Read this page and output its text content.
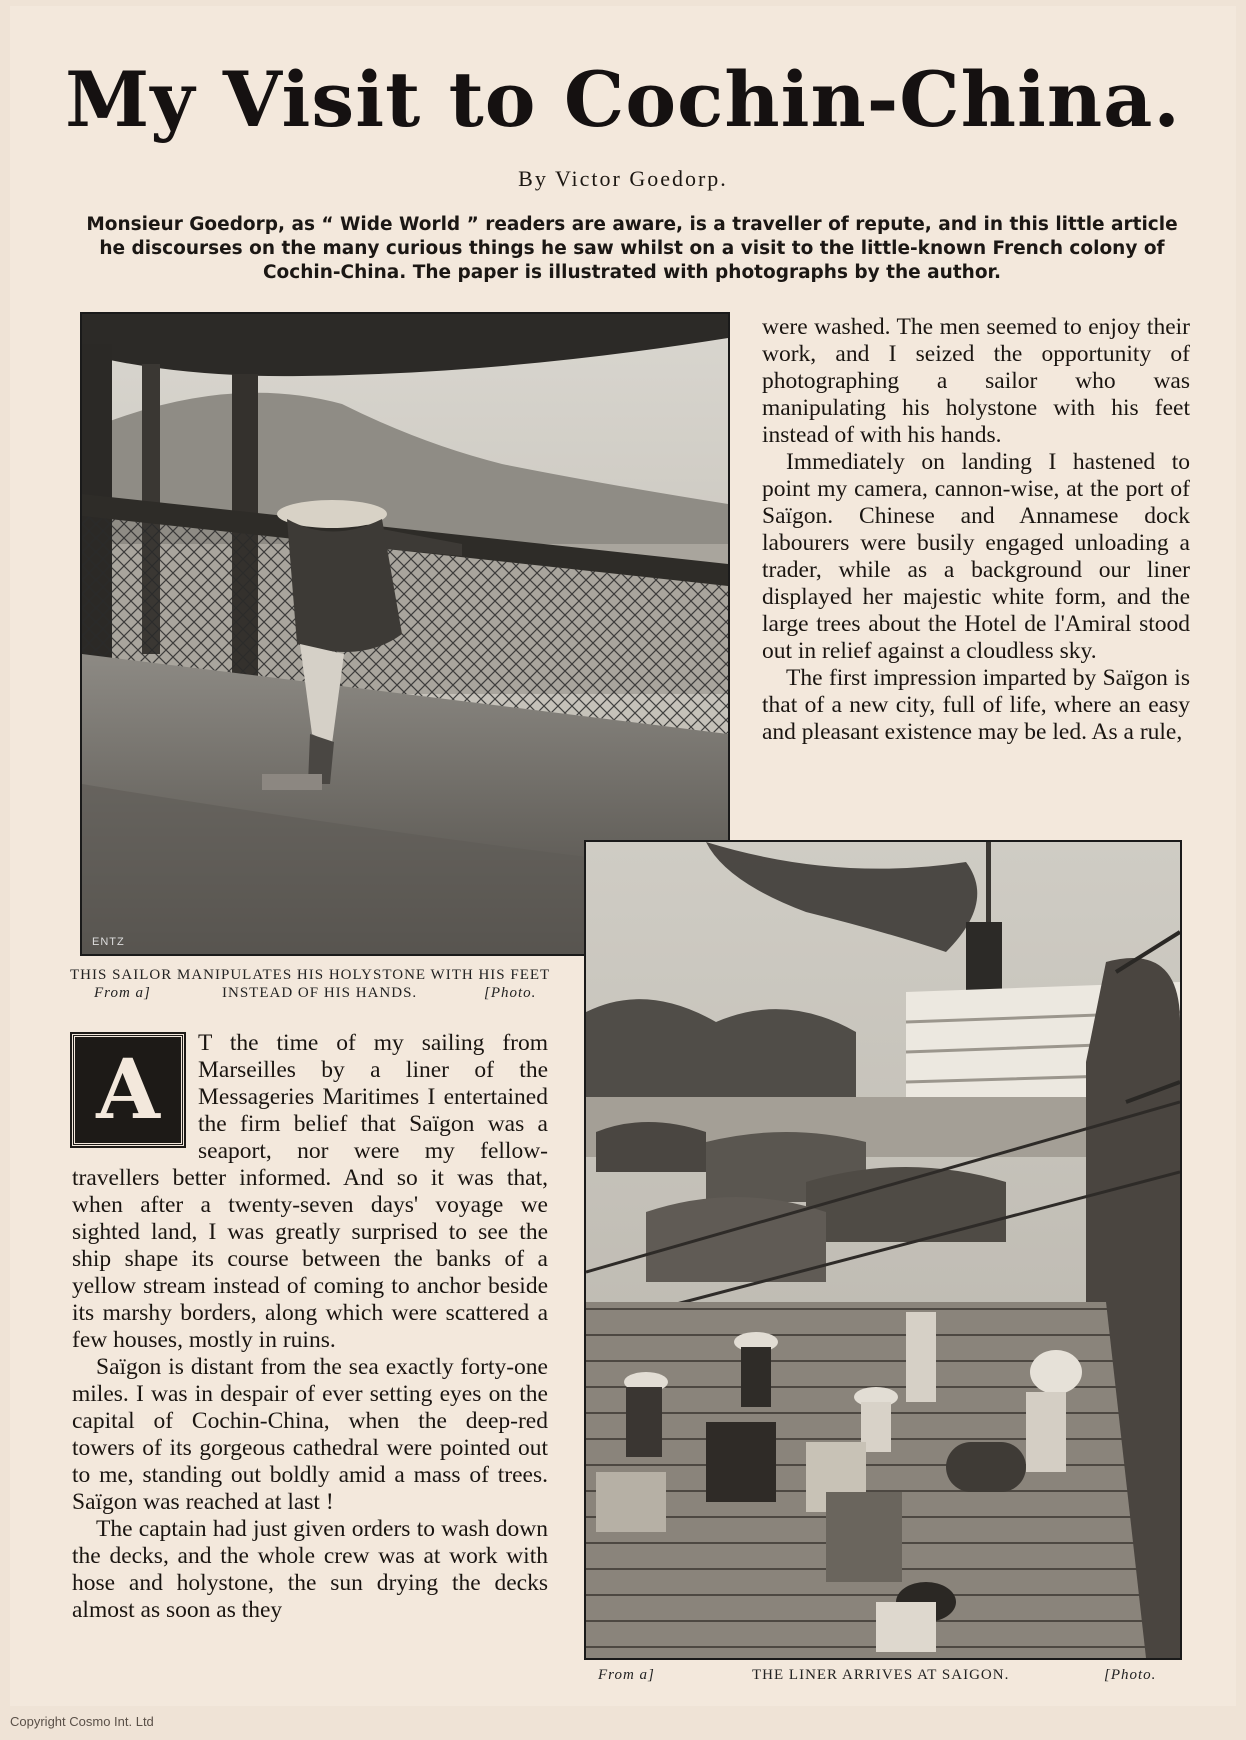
My Visit to Cochin-China.
By Victor Goedorp.
Monsieur Goedorp, as “ Wide World ” readers are aware, is a traveller of repute, and in this little article he discourses on the many curious things he saw whilst on a visit to the little-known French colony of Cochin-China. The paper is illustrated with photographs by the author.
ENTZ
THIS SAILOR MANIPULATES HIS HOLYSTONE WITH HIS FEET
From a]	INSTEAD OF HIS HANDS.	[Photo.
From a]	THE LINER ARRIVES AT SAIGON.	[Photo.
A	T the time of my sailing from Marseilles by a liner of the Messageries Maritimes I entertained the firm belief that Saïgon was a seaport, nor were my fellow-travellers better informed. And so it was that, when after a twenty-seven days' voyage we sighted land, I was greatly surprised to see the ship shape its course between the banks of a yellow stream instead of coming to anchor beside its marshy borders, along which were scattered a few houses, mostly in ruins.

Saïgon is distant from the sea exactly forty-one miles. I was in despair of ever setting eyes on the capital of Cochin-China, when the deep-red towers of its gorgeous cathedral were pointed out to me, standing out boldly amid a mass of trees. Saïgon was reached at last !

The captain had just given orders to wash down the decks, and the whole crew was at work with hose and holystone, the sun drying the decks almost as soon as they

were washed. The men seemed to enjoy their work, and I seized the opportunity of photographing a sailor who was manipulating his holystone with his feet instead of with his hands.

Immediately on landing I hastened to point my camera, cannon-wise, at the port of Saïgon. Chinese and Annamese dock labourers were busily engaged unloading a trader, while as a background our liner displayed her majestic white form, and the large trees about the Hotel de l'Amiral stood out in relief against a cloudless sky.

The first impression imparted by Saïgon is that of a new city, full of life, where an easy and pleasant existence may be led. As a rule,

Copyright Cosmo Int. Ltd
